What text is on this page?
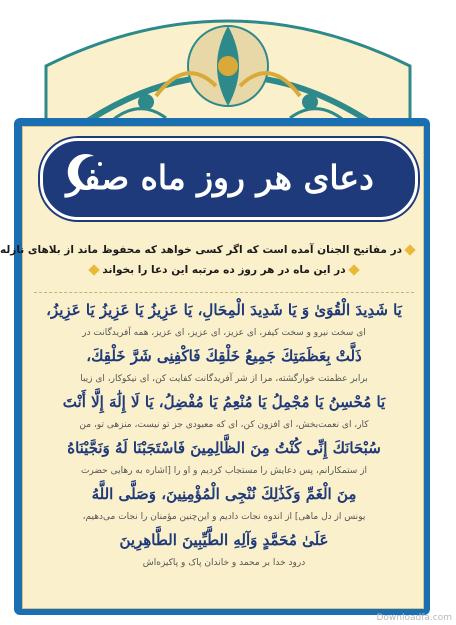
دعای هر روز ماه صفر
در مفاتیح الجنان آمده است که اگر کسی خواهد که محفوظ ماند از بلاهای نازله
در این ماه در هر روز ده مرتبه این دعا را بخواند
یَا شَدِیدَ الْقُوَىٰ وَ یَا شَدِیدَ الْمِحَالِ، یَا عَزِیزُ یَا عَزِیزُ یَا عَزِیزُ،
ای سخت نیرو و سخت کیفر، ای عزیز، ای عزیز، ای عزیز، همه آفریدگانت در
ذَلَّتْ بِعَظَمَتِكَ جَمِیعُ خَلْقِكَ فَاكْفِنِی شَرَّ خَلْقِكَ،
برابر عظمتت خوارگشته، مرا از شر آفریدگانت کفایت کن، ای نیکوکار، ای زیبا
یَا مُحْسِنُ یَا مُجْمِلُ یَا مُنْعِمُ یَا مُفْضِلُ، یَا لَا إِلَٰهَ إِلَّا أَنْتَ
کار، ای نعمت‌بخش، ای افزون کن، ای که معبودی جز تو نیست، منزهی تو، من
سُبْحَانَكَ إِنِّی كُنْتُ مِنَ الظَّالِمِینَ فَاسْتَجَبْنَا لَهُ وَنَجَّیْنَاهُ
از ستمکارانم، پس دعایش را مستجاب کردیم و او را [اشاره به رهایی حضرت
مِنَ الْغَمِّ وَكَذَٰلِكَ نُنْجِی الْمُؤْمِنِینَ، وَصَلَّى اللَّهُ
یونس از دل ماهی] از اندوه نجات دادیم و این‌چنین مؤمنان را نجات می‌دهیم،
عَلَىٰ مُحَمَّدٍ وَآلِهِ الطَّیِّبِینَ الطَّاهِرِینَ
درود خدا بر محمد و خاندان پاک و پاکیزه‌اش
Downloadfa.com
